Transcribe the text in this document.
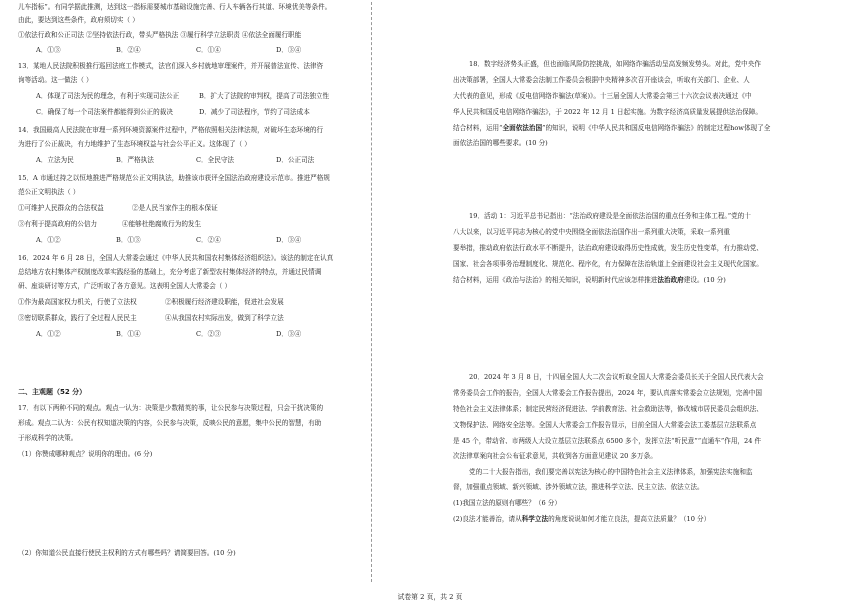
儿车指标”。有同学据此推测，达到这一指标需要城市基础设施完善、行人车辆各行其道、环境优美等条件。
由此，要达到这些条件，政府须切实（ ）
①依法行政和公正司法 ②坚持依法行政，带头严格执法 ③履行科学立法职责 ④依法全面履行职能
A．①③	B．②④	C．①④	D．③④
13．某地人民法院积极推行巡回法庭工作模式，法官们深入乡村就地审理案件，并开展普法宣传、法律咨
询等活动。这一做法（ ）
A．体现了司法为民的理念，有利于实现司法公正	B．扩大了法院的审判权，提高了司法独立性
C．确保了每一个司法案件都能得到公正的裁决	D．减少了司法程序，节约了司法成本
14．我国最高人民法院在审理一系列环境资源案件过程中，严格依照相关法律法规，对破坏生态环境的行
为进行了公正裁决，有力地维护了生态环境权益与社会公平正义。这体现了（ ）
A．立法为民	B．严格执法	C．全民守法	D．公正司法
15．A 市通过持之以恒地推进严格规范公正文明执法，助推该市获评全国法治政府建设示范市。推进严格规
范公正文明执法（ ）
①可维护人民群众的合法权益	②是人民当家作主的根本保证
③有利于提高政府的公信力	④能够杜绝腐败行为的发生
A．①②	B．①③	C．②④	D．③④
16．2024 年 6 月 28 日，全国人大常委会通过《中华人民共和国农村集体经济组织法》。该法的制定在认真
总结地方农村集体产权制度改革实践经验的基础上，充分考虑了新型农村集体经济的特点，并通过民情调
研、座谈研讨等方式，广泛听取了各方意见。这表明全国人大常委会（ ）
①作为最高国家权力机关，行使了立法权	②积极履行经济建设职能，促进社会发展
③密切联系群众，践行了全过程人民民主	④从我国农村实际出发，做到了科学立法
A．①②	B．①④	C．②③	D．③④
二、主观题（52 分）
17．有以下两种不同的观点。观点一认为：决策是少数精英的事，让公民参与决策过程，只会干扰决策的
形成。观点二认为：公民有权知道决策的内容，公民参与决策，反映公民的意愿，集中公民的智慧，有助
于形成科学的决策。
（1）你赞成哪种观点？说明你的理由。(6 分)
（2）你知道公民直接行使民主权利的方式有哪些吗？请简要回答。(10 分)
18．数字经济势头正盛，但也面临风险防控挑战，如网络诈骗活动呈高发频发势头。对此，党中央作
出决策部署，全国人大常委会法制工作委员会根据中央精神多次召开座谈会，听取有关部门、企业、人
大代表的意见，形成《反电信网络诈骗法(草案)》。十三届全国人大常委会第三十六次会议表决通过《中
华人民共和国反电信网络诈骗法》，于 2022 年 12 月 1 日起实施。为数字经济高质量发展提供法治保障。
结合材料，运用“全面依法治国”的知识，说明《中华人民共和国反电信网络诈骗法》的制定过程how体现了全
面依法治国的哪些要求。(10 分)
19．活动 1：习近平总书记指出：“法治政府建设是全面依法治国的重点任务和主体工程。”党的十
八大以来，以习近平同志为核心的党中央围绕全面依法治国作出一系列重大决策，采取一系列重
要举措，推动政府依法行政水平不断提升，法治政府建设取得历史性成就，发生历史性变革，有力推动党、
国家、社会各项事务治理制度化、规范化、程序化，有力保障在法治轨道上全面建设社会主义现代化国家。
结合材料，运用《政治与法治》的相关知识，说明新时代应该怎样推进法治政府建设。(10 分)
20．2024 年 3 月 8 日，十四届全国人大二次会议听取全国人大常委会委员长关于全国人民代表大会
常务委员会工作的报告，全国人大常委会工作报告提出，2024 年，要认真落实常委会立法规划，完善中国
特色社会主义法律体系；制定民营经济促进法、学前教育法、社会救助法等，修改城市居民委员会组织法、
文物保护法、网络安全法等。全国人大常委会工作报告显示，目前全国人大常委会法工委基层立法联系点
是 45 个，带动省、市两级人大设立基层立法联系点 6500 多个，发挥立法“听民意”“直通车”作用，24 件
次法律草案向社会公布征求意见，共收到各方面意见建议 20 多万条。
党的二十大报告指出，我们要完善以宪法为核心的中国特色社会主义法律体系，加强宪法实施和监
督，加强重点领域、新兴领域、涉外领域立法，推进科学立法、民主立法、依法立法。
(1)我国立法的原则有哪些？（6 分）
(2)良法才能善治，请从科学立法的角度说说如何才能立良法，提高立法质量？（10 分）
试卷第 2 页，共 2 页
